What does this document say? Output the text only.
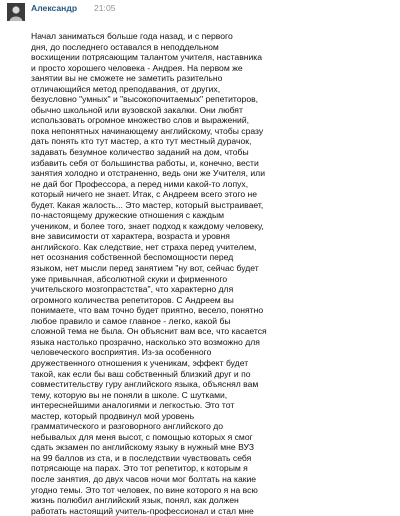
Александр 21:05
Начал заниматься больше года назад, и с первого
дня, до последнего оставался в неподдельном
восхищении потрясающим талантом учителя, наставника
и просто хорошего человека - Андрея. На первом же
занятии вы не сможете не заметить разительно
отличающийся метод преподавания, от других,
безусловно "умных" и "высокопочитаемых" репетиторов,
обычно школьной или вузовской закалки. Они любят
использовать огромное множество слов и выражений,
пока непонятных начинающему английскому, чтобы сразу
дать понять кто тут мастер, а кто тут местный дурачок,
задавать безумное количество заданий на дом, чтобы
избавить себя от большинства работы, и, конечно, вести
занятия холодно и отстраненно, ведь они же Учителя, или
не дай бог Профессора, а перед ними какой-то лопух,
который ничего не знает. Итак, с Андреем всего этого не
будет. Какая жалость... Это мастер, который выстраивает,
по-настоящему дружеские отношения с каждым
учеником, и более того, знает подход к каждому человеку,
вне зависимости от характера, возраста и уровня
английского. Как следствие, нет страха перед учителем,
нет осознания собственной беспомощности перед
языком, нет мысли перед занятием "ну вот, сейчас будет
уже привычная, абсолютной скуки и фирменного
учительского мозгопрастства", что характерно для
огромного количества репетиторов. С Андреем вы
понимаете, что вам точно будет приятно, весело, понятно
любое правило и самое главное - легко, какой бы
сложной тема не была. Он объяснит вам все, что касается
языка настолько прозрачно, насколько это возможно для
человеческого восприятия. Из-за особенного
дружественного отношения к ученикам, эффект будет
такой, как если бы ваш собственный близкий друг и по
совместительству гуру английского языка, объяснял вам
тему, которую вы не поняли в школе. С шутками,
интереснейшими аналогиями и легкостью. Это тот
мастер, который продвинул мой уровень
грамматического и разговорного английского до
небывалых для меня высот, с помощью которых я смог
сдать экзамен по английскому языку в нужный мне ВУЗ
на 99 баллов из ста, и в последствии чувствовать себя
потрясающе на парах. Это тот репетитор, к которым я
после занятия, до двух часов ночи мог болтать на какие
угодно темы. Это тот человек, по вине которого я на всю
жизнь полюбил английский язык, понял, как должен
работать настоящий учитель-профессионал и стал мне
